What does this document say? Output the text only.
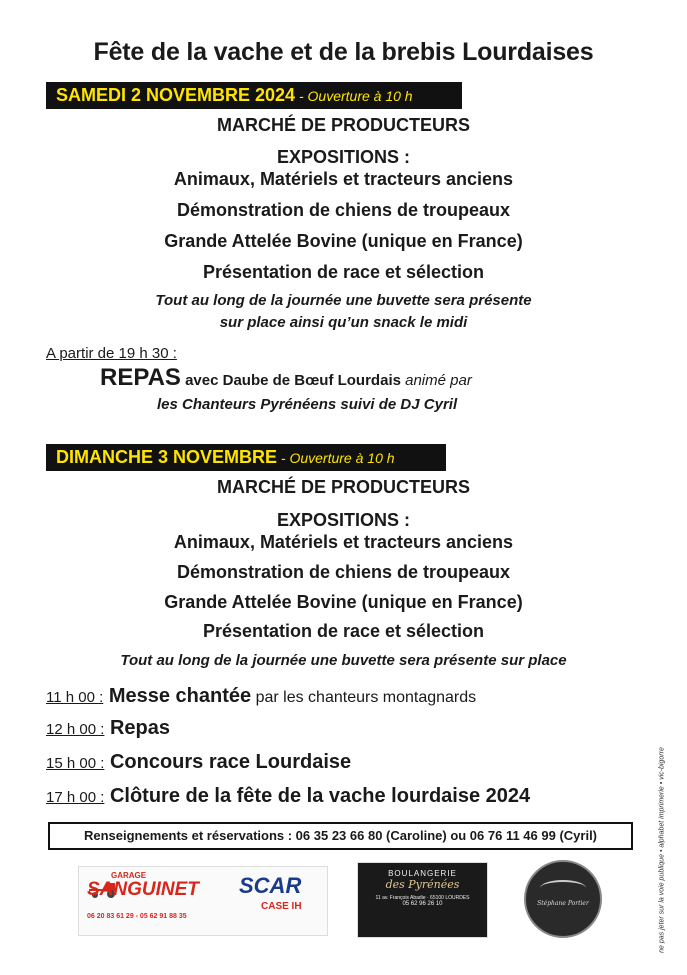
Fête de la vache et de la brebis Lourdaises
SAMEDI 2 NOVEMBRE 2024 - Ouverture à 10 h
MARCHÉ DE PRODUCTEURS
EXPOSITIONS :
Animaux, Matériels et tracteurs anciens
Démonstration de chiens de troupeaux
Grande Attelée Bovine (unique en France)
Présentation de race et sélection
Tout au long de la journée une buvette sera présente
sur place ainsi qu’un snack le midi
A partir de 19 h 30 :
REPAS avec Daube de Bœuf Lourdais animé par
les Chanteurs Pyrénéens suivi de DJ Cyril
DIMANCHE 3 NOVEMBRE - Ouverture à 10 h
MARCHÉ DE PRODUCTEURS
EXPOSITIONS :
Animaux, Matériels et tracteurs anciens
Démonstration de chiens de troupeaux
Grande Attelée Bovine (unique en France)
Présentation de race et sélection
Tout au long de la journée une buvette sera présente sur place
11 h 00 : Messe chantée par les chanteurs montagnards
12 h 00 : Repas
15 h 00 : Concours race Lourdaise
17 h 00 : Clôture de la fête de la vache lourdaise 2024
Renseignements et réservations : 06 35 23 66 80 (Caroline) ou 06 76 11 46 99 (Cyril)	ne pas jeter sur la voie publique • alphabet imprimerie • vic-bigorre
GARAGE
SANGUINET
06 20 83 61 29 - 05 62 91 88 35
SCAR
CASE IH
BOULANGERIE
des Pyrénées
11 av. François Abadie · 65100 LOURDES
05 62 96 26 10	Stéphane Portier
